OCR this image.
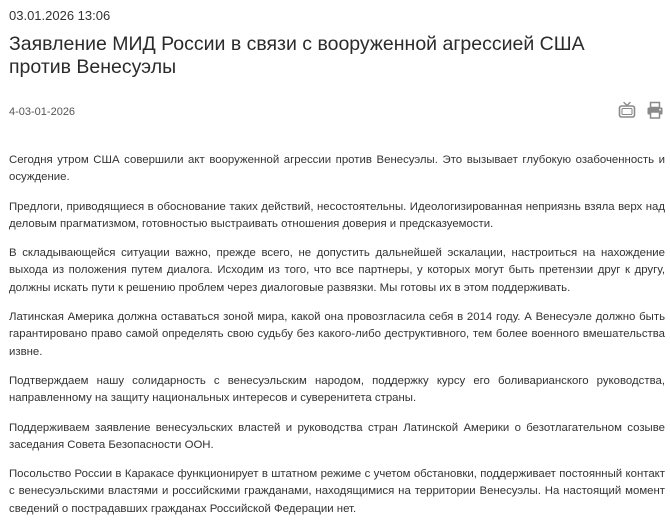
03.01.2026 13:06
Заявление МИД России в связи с вооруженной агрессией США против Венесуэлы
4-03-01-2026

Сегодня утром США совершили акт вооруженной агрессии против Венесуэлы. Это вызывает глубокую озабоченность и осуждение.

Предлоги, приводящиеся в обоснование таких действий, несостоятельны. Идеологизированная неприязнь взяла верх над деловым прагматизмом, готовностью выстраивать отношения доверия и предсказуемости.

В складывающейся ситуации важно, прежде всего, не допустить дальнейшей эскалации, настроиться на нахождение выхода из положения путем диалога. Исходим из того, что все партнеры, у которых могут быть претензии друг к другу, должны искать пути к решению проблем через диалоговые развязки. Мы готовы их в этом поддерживать.

Латинская Америка должна оставаться зоной мира, какой она провозгласила себя в 2014 году. А Венесуэле должно быть гарантировано право самой определять свою судьбу без какого-либо деструктивного, тем более военного вмешательства извне.

Подтверждаем нашу солидарность с венесуэльским народом, поддержку курсу его боливарианского руководства, направленному на защиту национальных интересов и суверенитета страны.

Поддерживаем заявление венесуэльских властей и руководства стран Латинской Америки о безотлагательном созыве заседания Совета Безопасности ООН.

Посольство России в Каракасе функционирует в штатном режиме с учетом обстановки, поддерживает постоянный контакт с венесуэльскими властями и российскими гражданами, находящимися на территории Венесуэлы. На настоящий момент сведений о пострадавших гражданах Российской Федерации нет.
